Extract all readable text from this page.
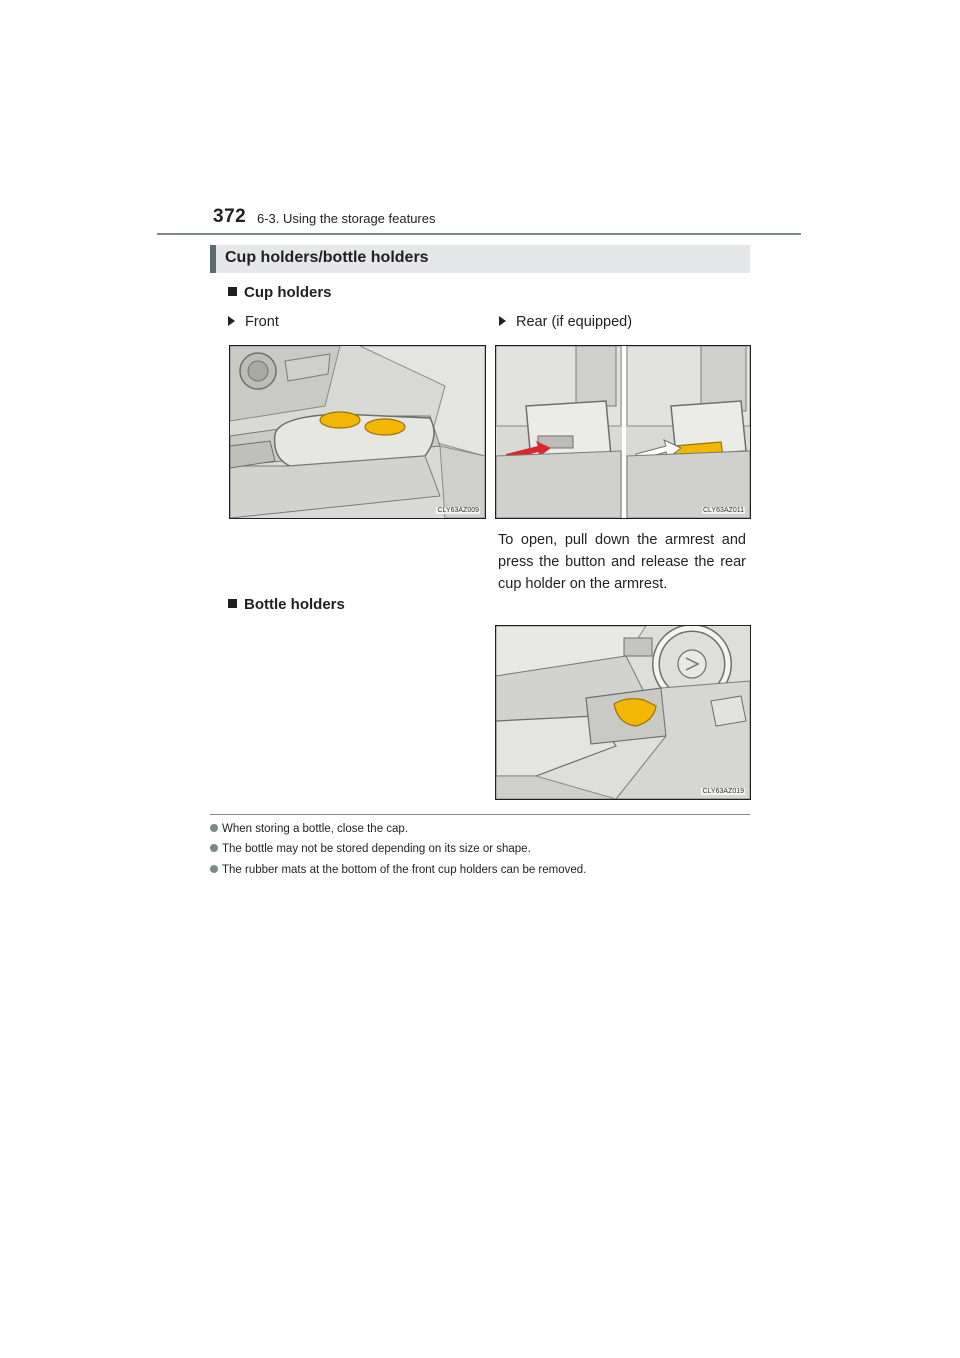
372 6-3. Using the storage features
Cup holders/bottle holders
Cup holders
Front	Rear (if equipped)
CLY63AZ009	CLY63AZ011
To open, pull down the armrest and press the button and release the rear cup holder on the armrest.
Bottle holders
CLY63AZ019
When storing a bottle, close the cap.
The bottle may not be stored depending on its size or shape.
The rubber mats at the bottom of the front cup holders can be removed.
